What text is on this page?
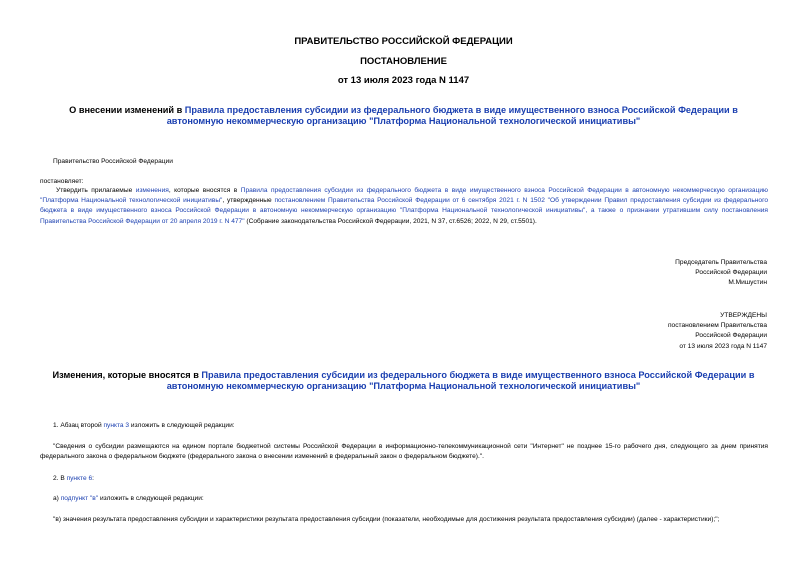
ПРАВИТЕЛЬСТВО РОССИЙСКОЙ ФЕДЕРАЦИИ
ПОСТАНОВЛЕНИЕ
от 13 июля 2023 года N 1147
О внесении изменений в Правила предоставления субсидии из федерального бюджета в виде имущественного взноса Российской Федерации в автономную некоммерческую организацию "Платформа Национальной технологической инициативы"
Правительство Российской Федерации
постановляет:
Утвердить прилагаемые изменения, которые вносятся в Правила предоставления субсидии из федерального бюджета в виде имущественного взноса Российской Федерации в автономную некоммерческую организацию "Платформа Национальной технологической инициативы", утвержденные постановлением Правительства Российской Федерации от 6 сентября 2021 г. N 1502 "Об утверждении Правил предоставления субсидии из федерального бюджета в виде имущественного взноса Российской Федерации в автономную некоммерческую организацию "Платформа Национальной технологической инициативы", а также о признании утратившим силу постановления Правительства Российской Федерации от 20 апреля 2019 г. N 477" (Собрание законодательства Российской Федерации, 2021, N 37, ст.6526; 2022, N 29, ст.5501).
Председатель Правительства
Российской Федерации
М.Мишустин
УТВЕРЖДЕНЫ
постановлением Правительства
Российской Федерации
от 13 июля 2023 года N 1147
Изменения, которые вносятся в Правила предоставления субсидии из федерального бюджета в виде имущественного взноса Российской Федерации в автономную некоммерческую организацию "Платформа Национальной технологической инициативы"
1. Абзац второй пункта 3 изложить в следующей редакции:
"Сведения о субсидии размещаются на едином портале бюджетной системы Российской Федерации в информационно-телекоммуникационной сети "Интернет" не позднее 15-го рабочего дня, следующего за днем принятия федерального закона о федеральном бюджете (федерального закона о внесении изменений в федеральный закон о федеральном бюджете).".
2. В пункте 6:
а) подпункт "в" изложить в следующей редакции:
"в) значения результата предоставления субсидии и характеристики результата предоставления субсидии (показатели, необходимые для достижения результата предоставления субсидии) (далее - характеристики);";
